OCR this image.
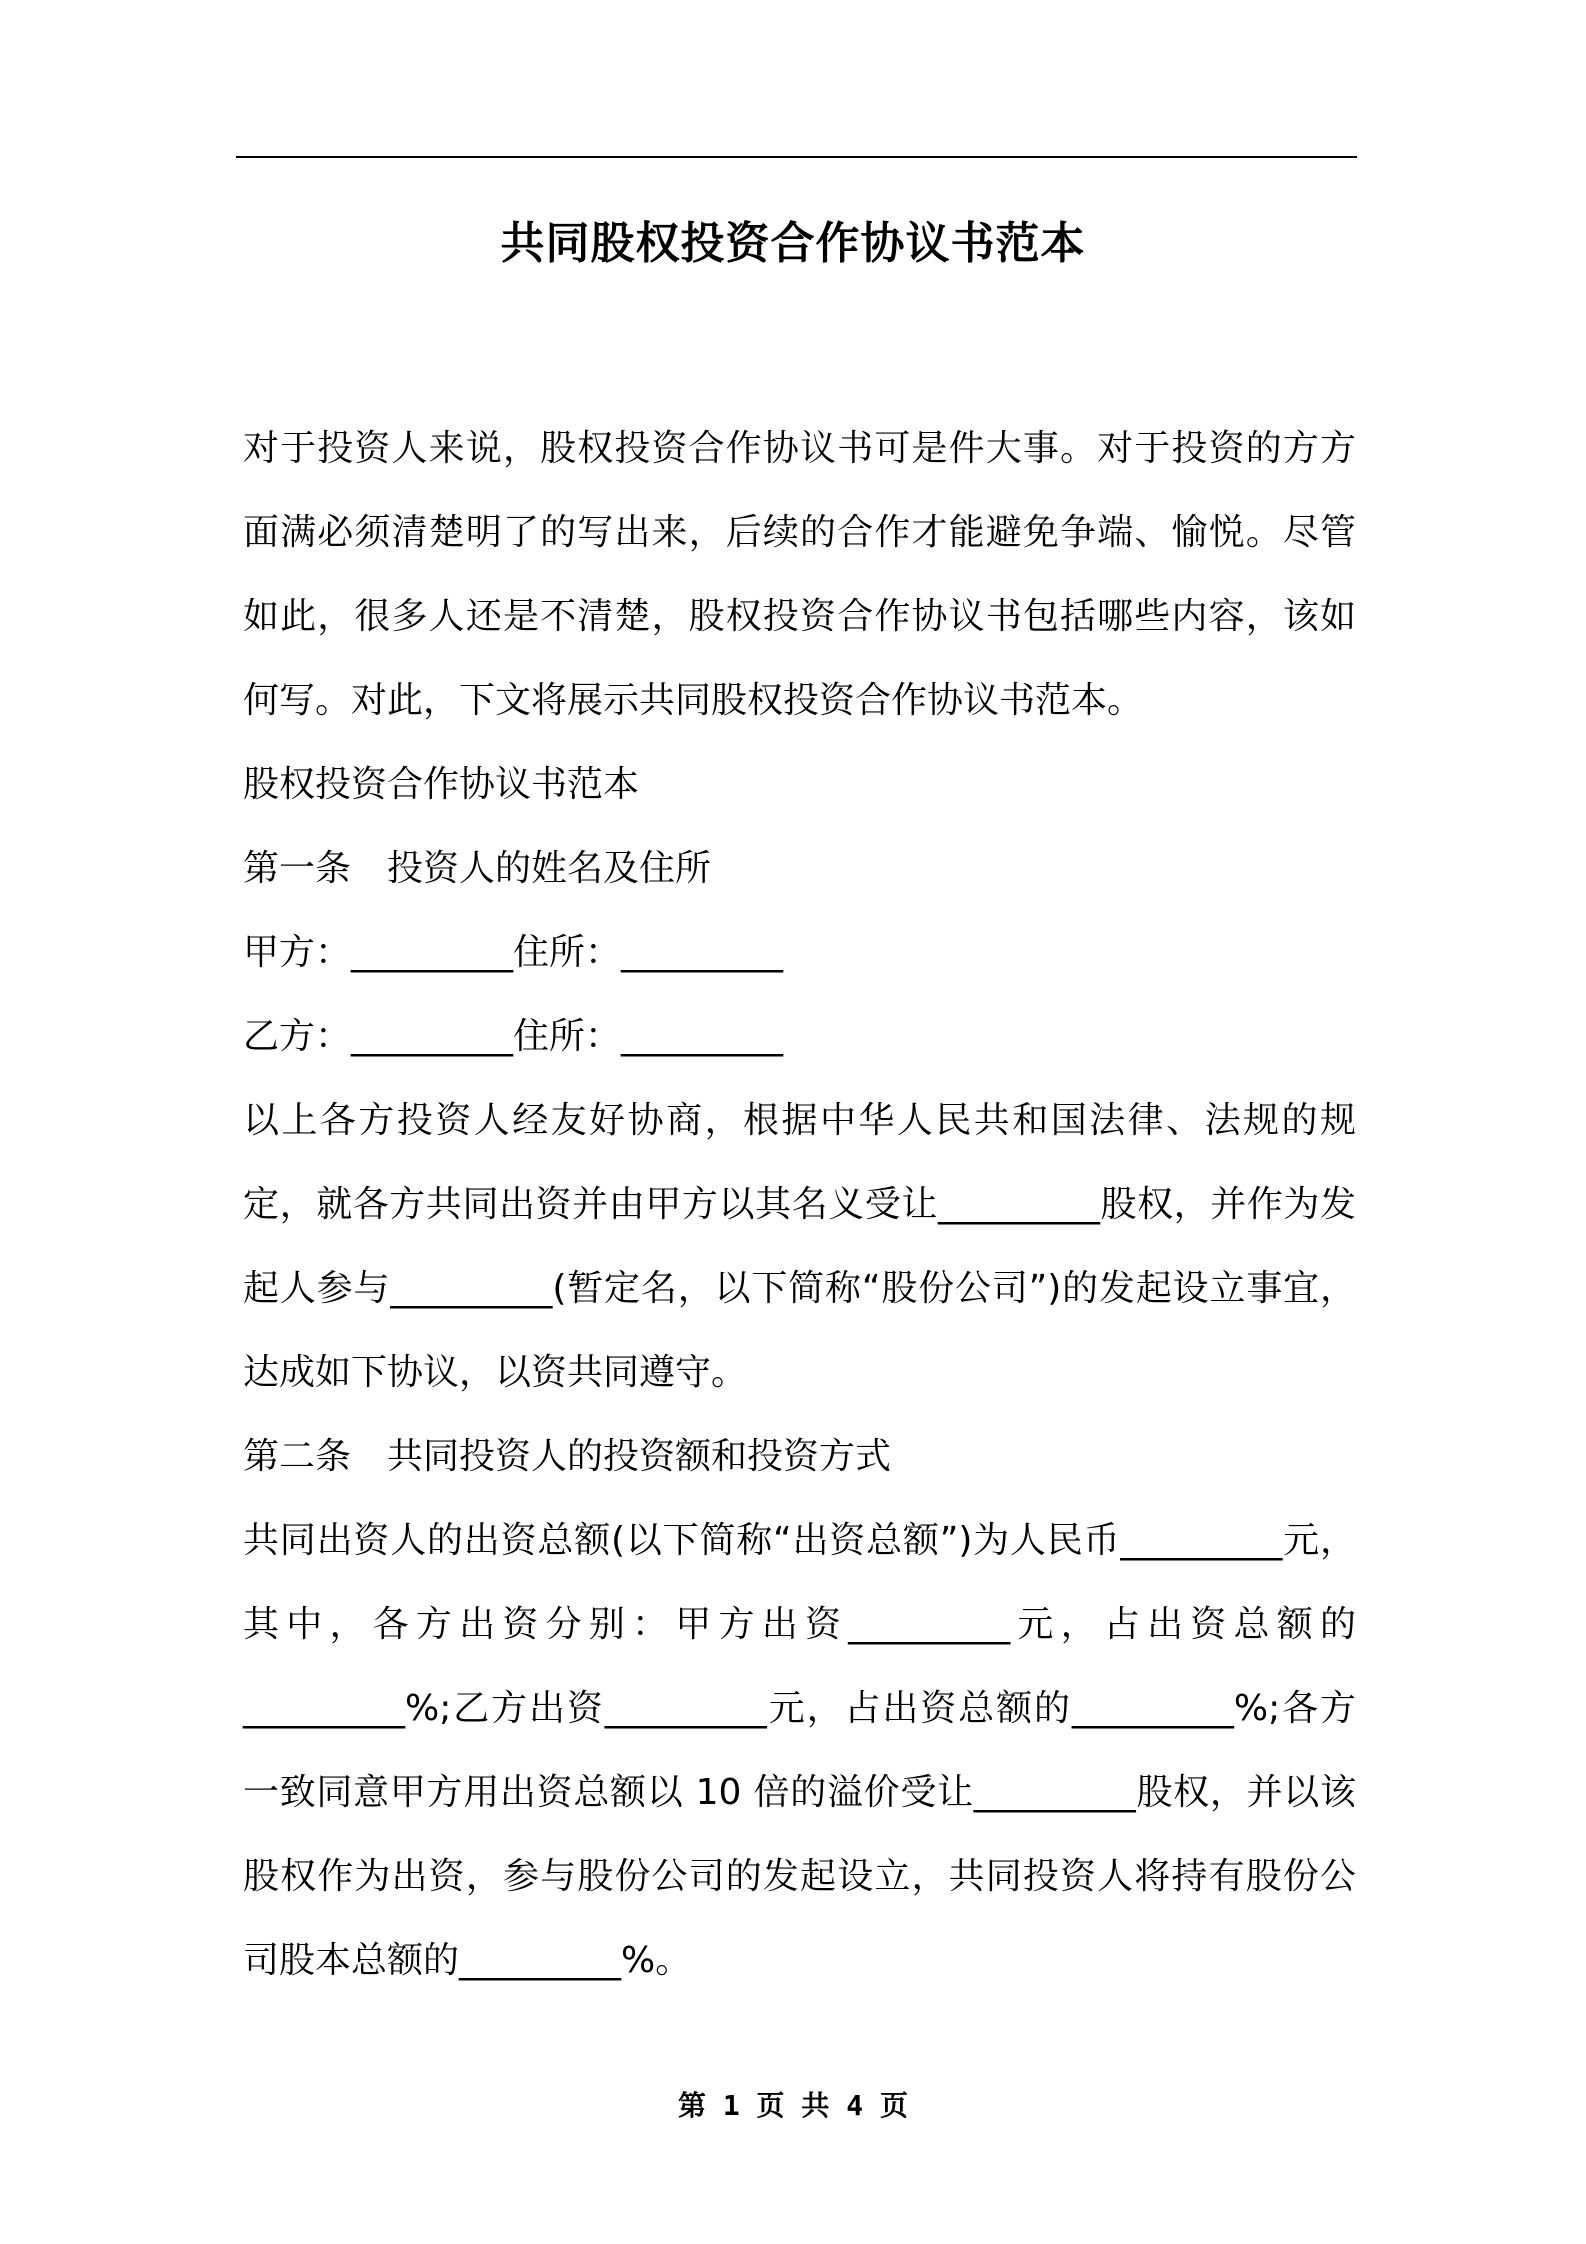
共同股权投资合作协议书范本

对于投资人来说，股权投资合作协议书可是件大事。对于投资的方方面满必须清楚明了的写出来，后续的合作才能避免争端、愉悦。尽管如此，很多人还是不清楚，股权投资合作协议书包括哪些内容，该如何写。对此，下文将展示共同股权投资合作协议书范本。

股权投资合作协议书范本

第一条　投资人的姓名及住所

甲方：_________住所：_________

乙方：_________住所：_________

以上各方投资人经友好协商，根据中华人民共和国法律、法规的规定，就各方共同出资并由甲方以其名义受让_________股权，并作为发起人参与_________(暂定名，以下简称“股份公司”)的发起设立事宜，达成如下协议，以资共同遵守。

第二条　共同投资人的投资额和投资方式

共同出资人的出资总额(以下简称“出资总额”)为人民币_________元，其中，各方出资分别：甲方出资_________元，占出资总额的_________%;乙方出资_________元，占出资总额的_________%;各方一致同意甲方用出资总额以 10 倍的溢价受让_________股权，并以该股权作为出资，参与股份公司的发起设立，共同投资人将持有股份公司股本总额的_________%。

第 1 页 共 4 页
